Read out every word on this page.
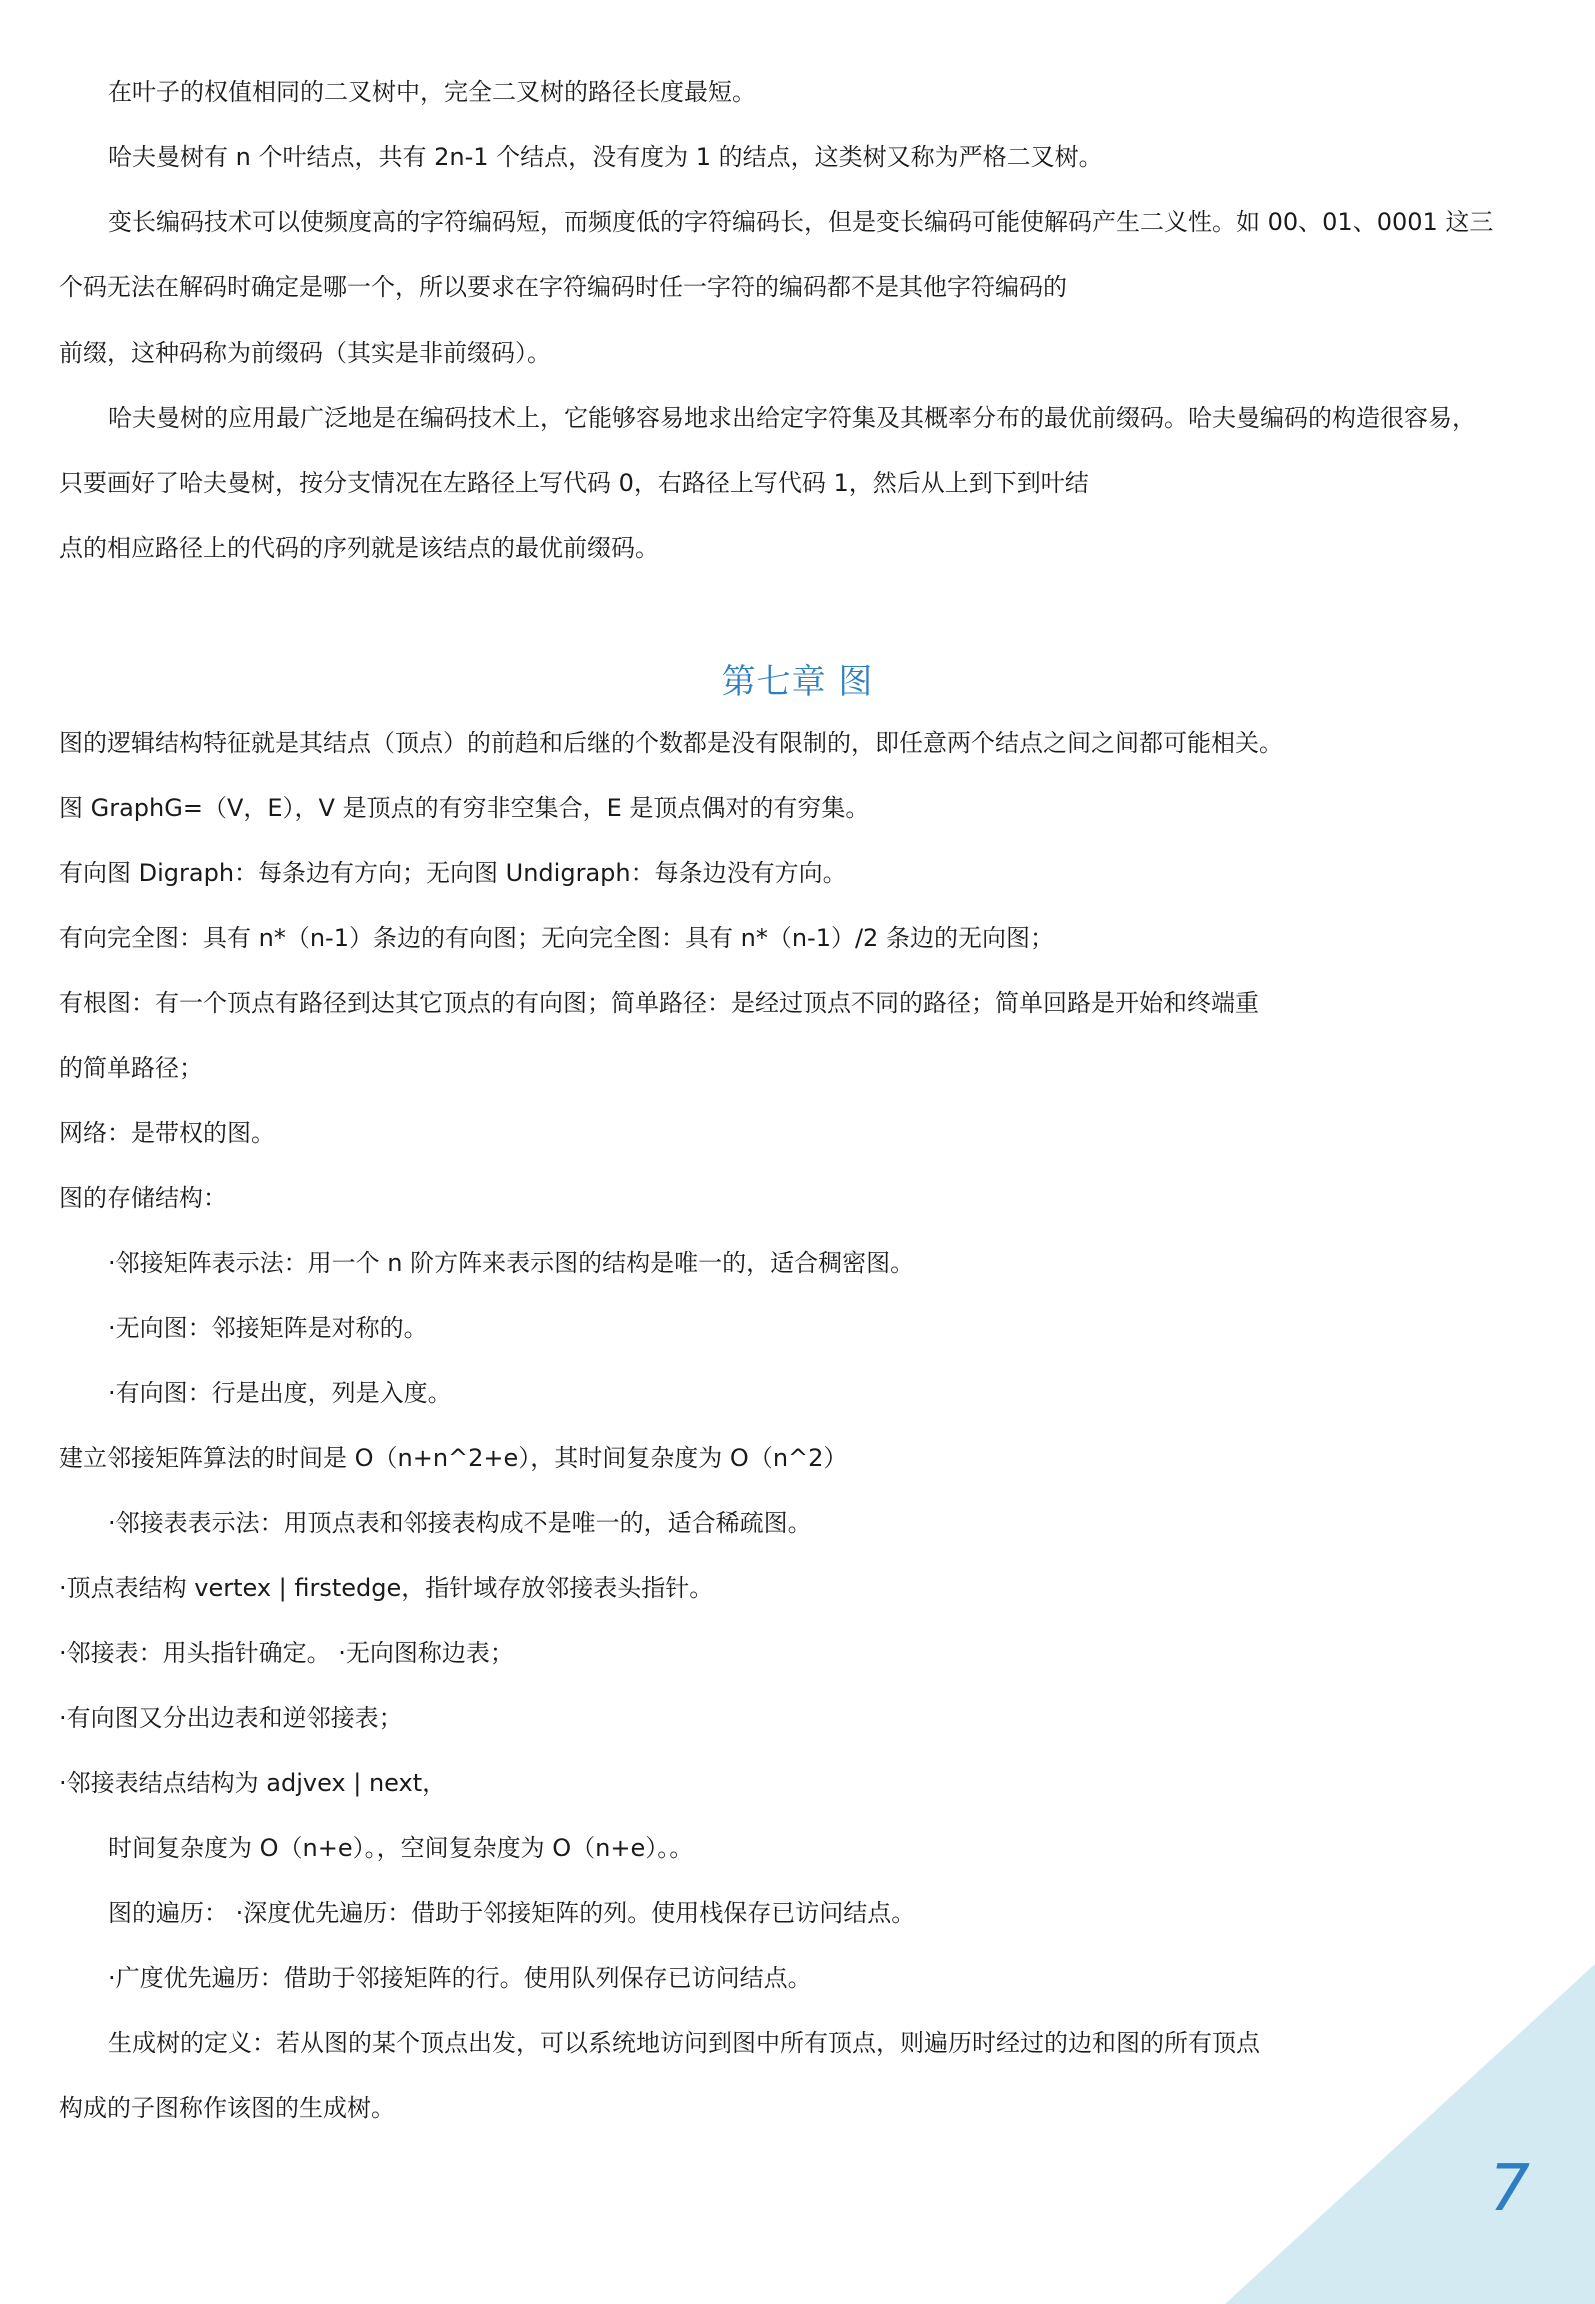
在叶子的权值相同的二叉树中，完全二叉树的路径长度最短。
哈夫曼树有 n 个叶结点，共有 2n-1 个结点，没有度为 1 的结点，这类树又称为严格二叉树。
变长编码技术可以使频度高的字符编码短，而频度低的字符编码长，但是变长编码可能使解码产生二义性。如 00、01、0001 这三
个码无法在解码时确定是哪一个，所以要求在字符编码时任一字符的编码都不是其他字符编码的
前缀，这种码称为前缀码（其实是非前缀码）。
哈夫曼树的应用最广泛地是在编码技术上，它能够容易地求出给定字符集及其概率分布的最优前缀码。哈夫曼编码的构造很容易，
只要画好了哈夫曼树，按分支情况在左路径上写代码 0，右路径上写代码 1，然后从上到下到叶结
点的相应路径上的代码的序列就是该结点的最优前缀码。
第七章 图
图的逻辑结构特征就是其结点（顶点）的前趋和后继的个数都是没有限制的，即任意两个结点之间之间都可能相关。
图 GraphG=（V，E），V 是顶点的有穷非空集合，E 是顶点偶对的有穷集。
有向图 Digraph：每条边有方向；无向图 Undigraph：每条边没有方向。
有向完全图：具有 n*（n-1）条边的有向图；无向完全图：具有 n*（n-1）/2 条边的无向图；
有根图：有一个顶点有路径到达其它顶点的有向图；简单路径：是经过顶点不同的路径；简单回路是开始和终端重
的简单路径；
网络：是带权的图。
图的存储结构：
·邻接矩阵表示法：用一个 n 阶方阵来表示图的结构是唯一的，适合稠密图。
·无向图：邻接矩阵是对称的。
·有向图：行是出度，列是入度。
建立邻接矩阵算法的时间是 O（n+n^2+e），其时间复杂度为 O（n^2）
·邻接表表示法：用顶点表和邻接表构成不是唯一的，适合稀疏图。
·顶点表结构 vertex | firstedge，指针域存放邻接表头指针。
·邻接表：用头指针确定。 ·无向图称边表；
·有向图又分出边表和逆邻接表；
·邻接表结点结构为 adjvex | next，
时间复杂度为 O（n+e）。，空间复杂度为 O（n+e）。。
图的遍历： ·深度优先遍历：借助于邻接矩阵的列。使用栈保存已访问结点。
·广度优先遍历：借助于邻接矩阵的行。使用队列保存已访问结点。
生成树的定义：若从图的某个顶点出发，可以系统地访问到图中所有顶点，则遍历时经过的边和图的所有顶点
构成的子图称作该图的生成树。
7
